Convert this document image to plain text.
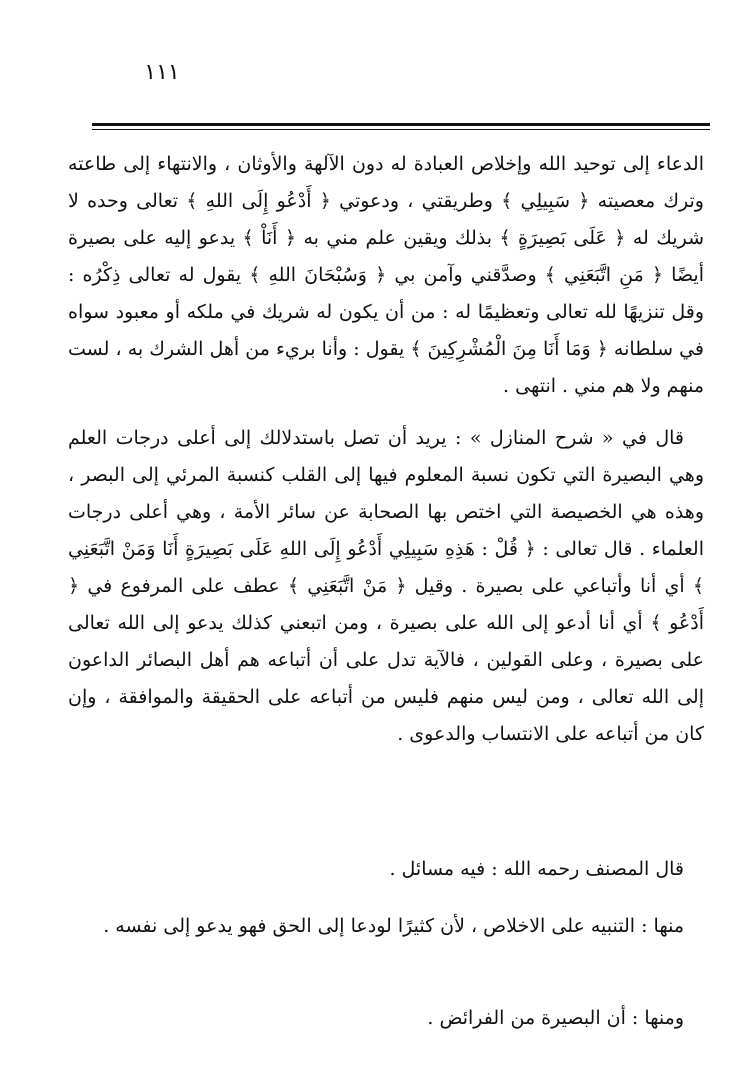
١١١

الدعاء إلى توحيد الله وإخلاص العبادة له دون الآلهة والأوثان ، والانتهاء إلى طاعته وترك معصيته ﴿ سَبِيلِي ﴾ وطريقتي ، ودعوتي ﴿ أَدْعُو إِلَى اللهِ ﴾ تعالى وحده لا شريك له ﴿ عَلَى بَصِيرَةٍ ﴾ بذلك ويقين علم مني به ﴿ أَنَاْ ﴾ يدعو إليه على بصيرة أيضًا ﴿ مَنِ اتَّبَعَنِي ﴾ وصدَّقني وآمن بي ﴿ وَسُبْحَانَ اللهِ ﴾ يقول له تعالى ذِكْرُه : وقل تنزيهًا لله تعالى وتعظيمًا له : من أن يكون له شريك في ملكه أو معبود سواه في سلطانه ﴿ وَمَا أَنَا مِنَ الْمُشْرِكِينَ ﴾ يقول : وأنا بريء من أهل الشرك به ، لست منهم ولا هم مني . انتهى .

قال في « شرح المنازل » : يريد أن تصل باستدلالك إلى أعلى درجات العلم وهي البصيرة التي تكون نسبة المعلوم فيها إلى القلب كنسبة المرئي إلى البصر ، وهذه هي الخصيصة التي اختص بها الصحابة عن سائر الأمة ، وهي أعلى درجات العلماء . قال تعالى : ﴿ قُلْ : هَذِهِ سَبِيلِي أَدْعُو إِلَى اللهِ عَلَى بَصِيرَةٍ أَنَا وَمَنْ اتَّبَعَنِي ﴾ أي أنا وأتباعي على بصيرة . وقيل ﴿ مَنْ اتَّبَعَنِي ﴾ عطف على المرفوع في ﴿ أَدْعُو ﴾ أي أنا أدعو إلى الله على بصيرة ، ومن اتبعني كذلك يدعو إلى الله تعالى على بصيرة ، وعلى القولين ، فالآية تدل على أن أتباعه هم أهل البصائر الداعون إلى الله تعالى ، ومن ليس منهم فليس من أتباعه على الحقيقة والموافقة ، وإن كان من أتباعه على الانتساب والدعوى .

قال المصنف رحمه الله : فيه مسائل .

منها : التنبيه على الاخلاص ، لأن كثيرًا لودعا إلى الحق فهو يدعو إلى نفسه .

ومنها : أن البصيرة من الفرائض .
